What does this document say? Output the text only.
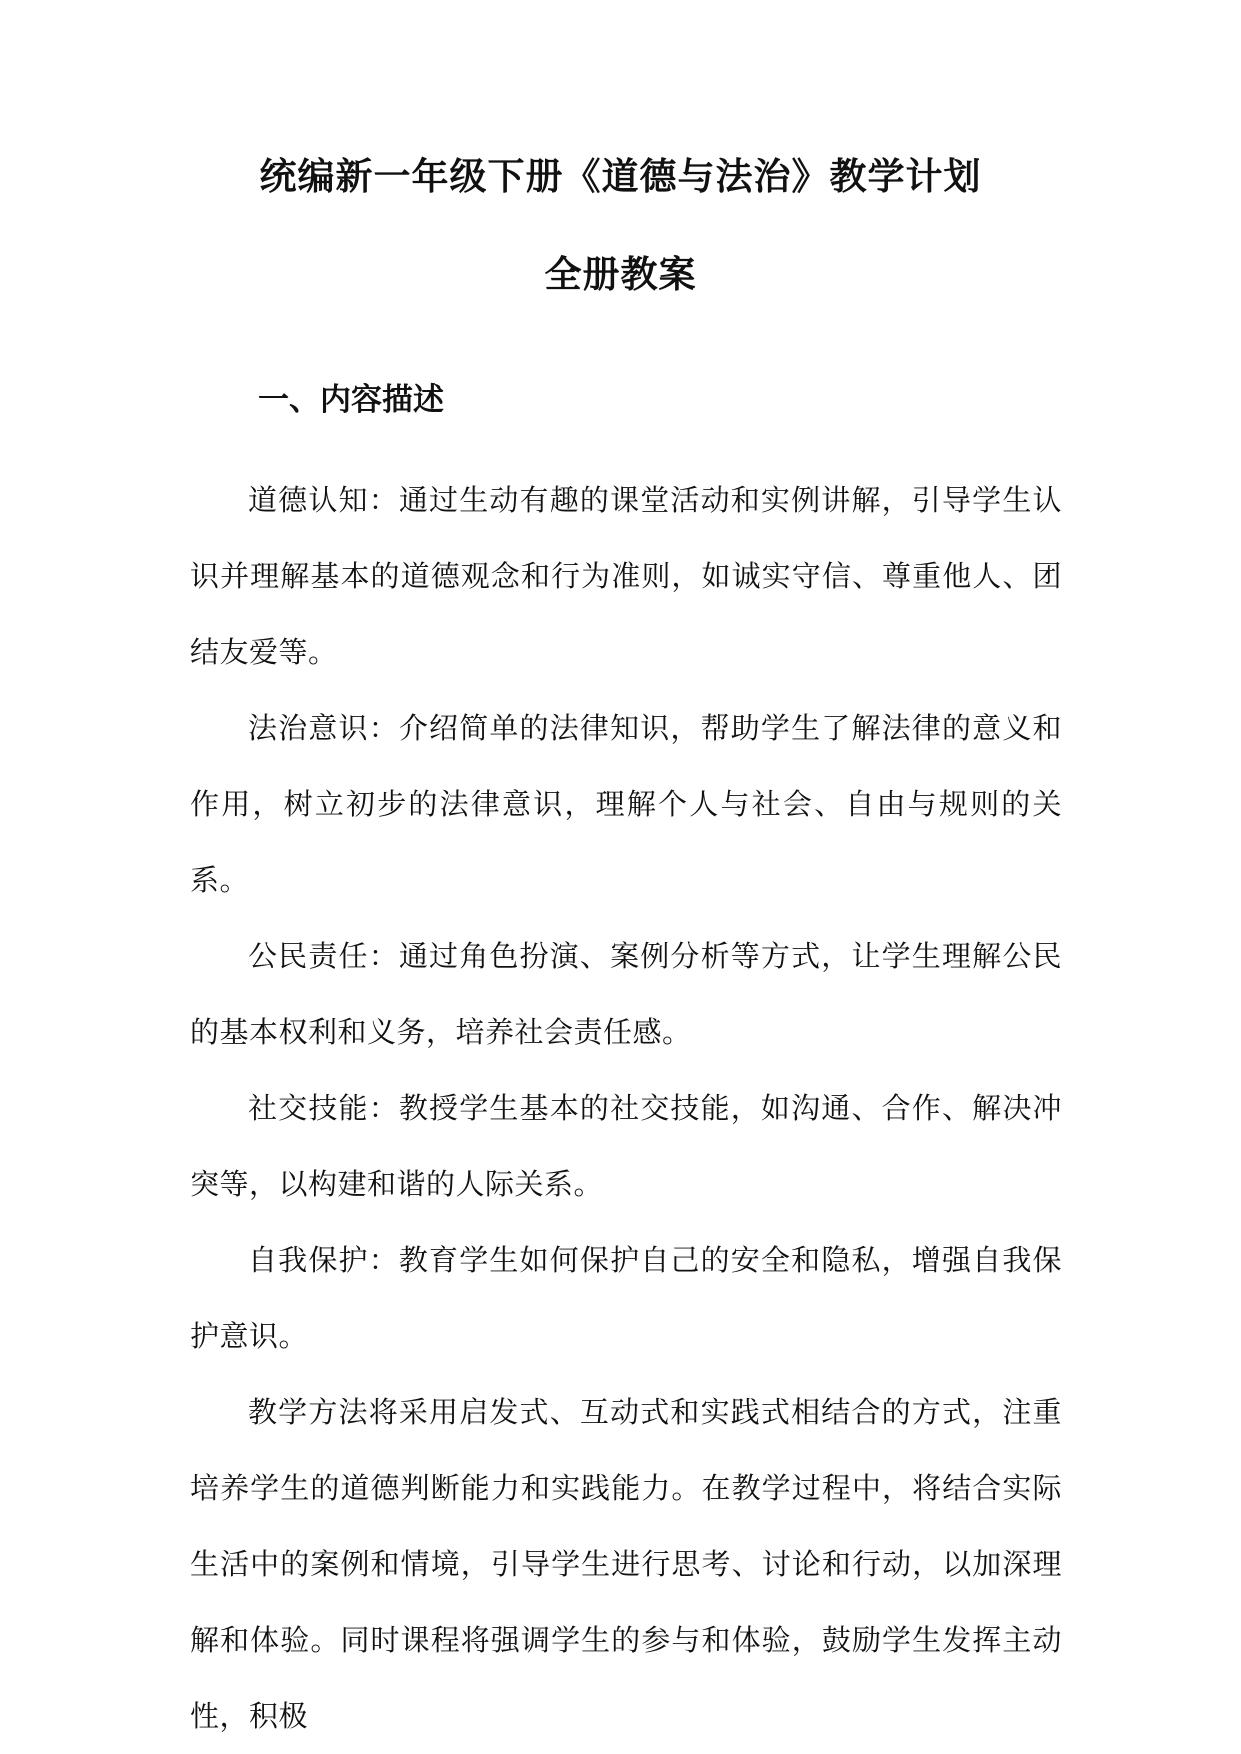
统编新一年级下册《道德与法治》教学计划
全册教案
一、内容描述

道德认知：通过生动有趣的课堂活动和实例讲解，引导学生认识并理解基本的道德观念和行为准则，如诚实守信、尊重他人、团结友爱等。

法治意识：介绍简单的法律知识，帮助学生了解法律的意义和作用，树立初步的法律意识，理解个人与社会、自由与规则的关系。

公民责任：通过角色扮演、案例分析等方式，让学生理解公民的基本权利和义务，培养社会责任感。

社交技能：教授学生基本的社交技能，如沟通、合作、解决冲突等，以构建和谐的人际关系。

自我保护：教育学生如何保护自己的安全和隐私，增强自我保护意识。

教学方法将采用启发式、互动式和实践式相结合的方式，注重培养学生的道德判断能力和实践能力。在教学过程中，将结合实际生活中的案例和情境，引导学生进行思考、讨论和行动，以加深理解和体验。同时课程将强调学生的参与和体验，鼓励学生发挥主动性，积极
